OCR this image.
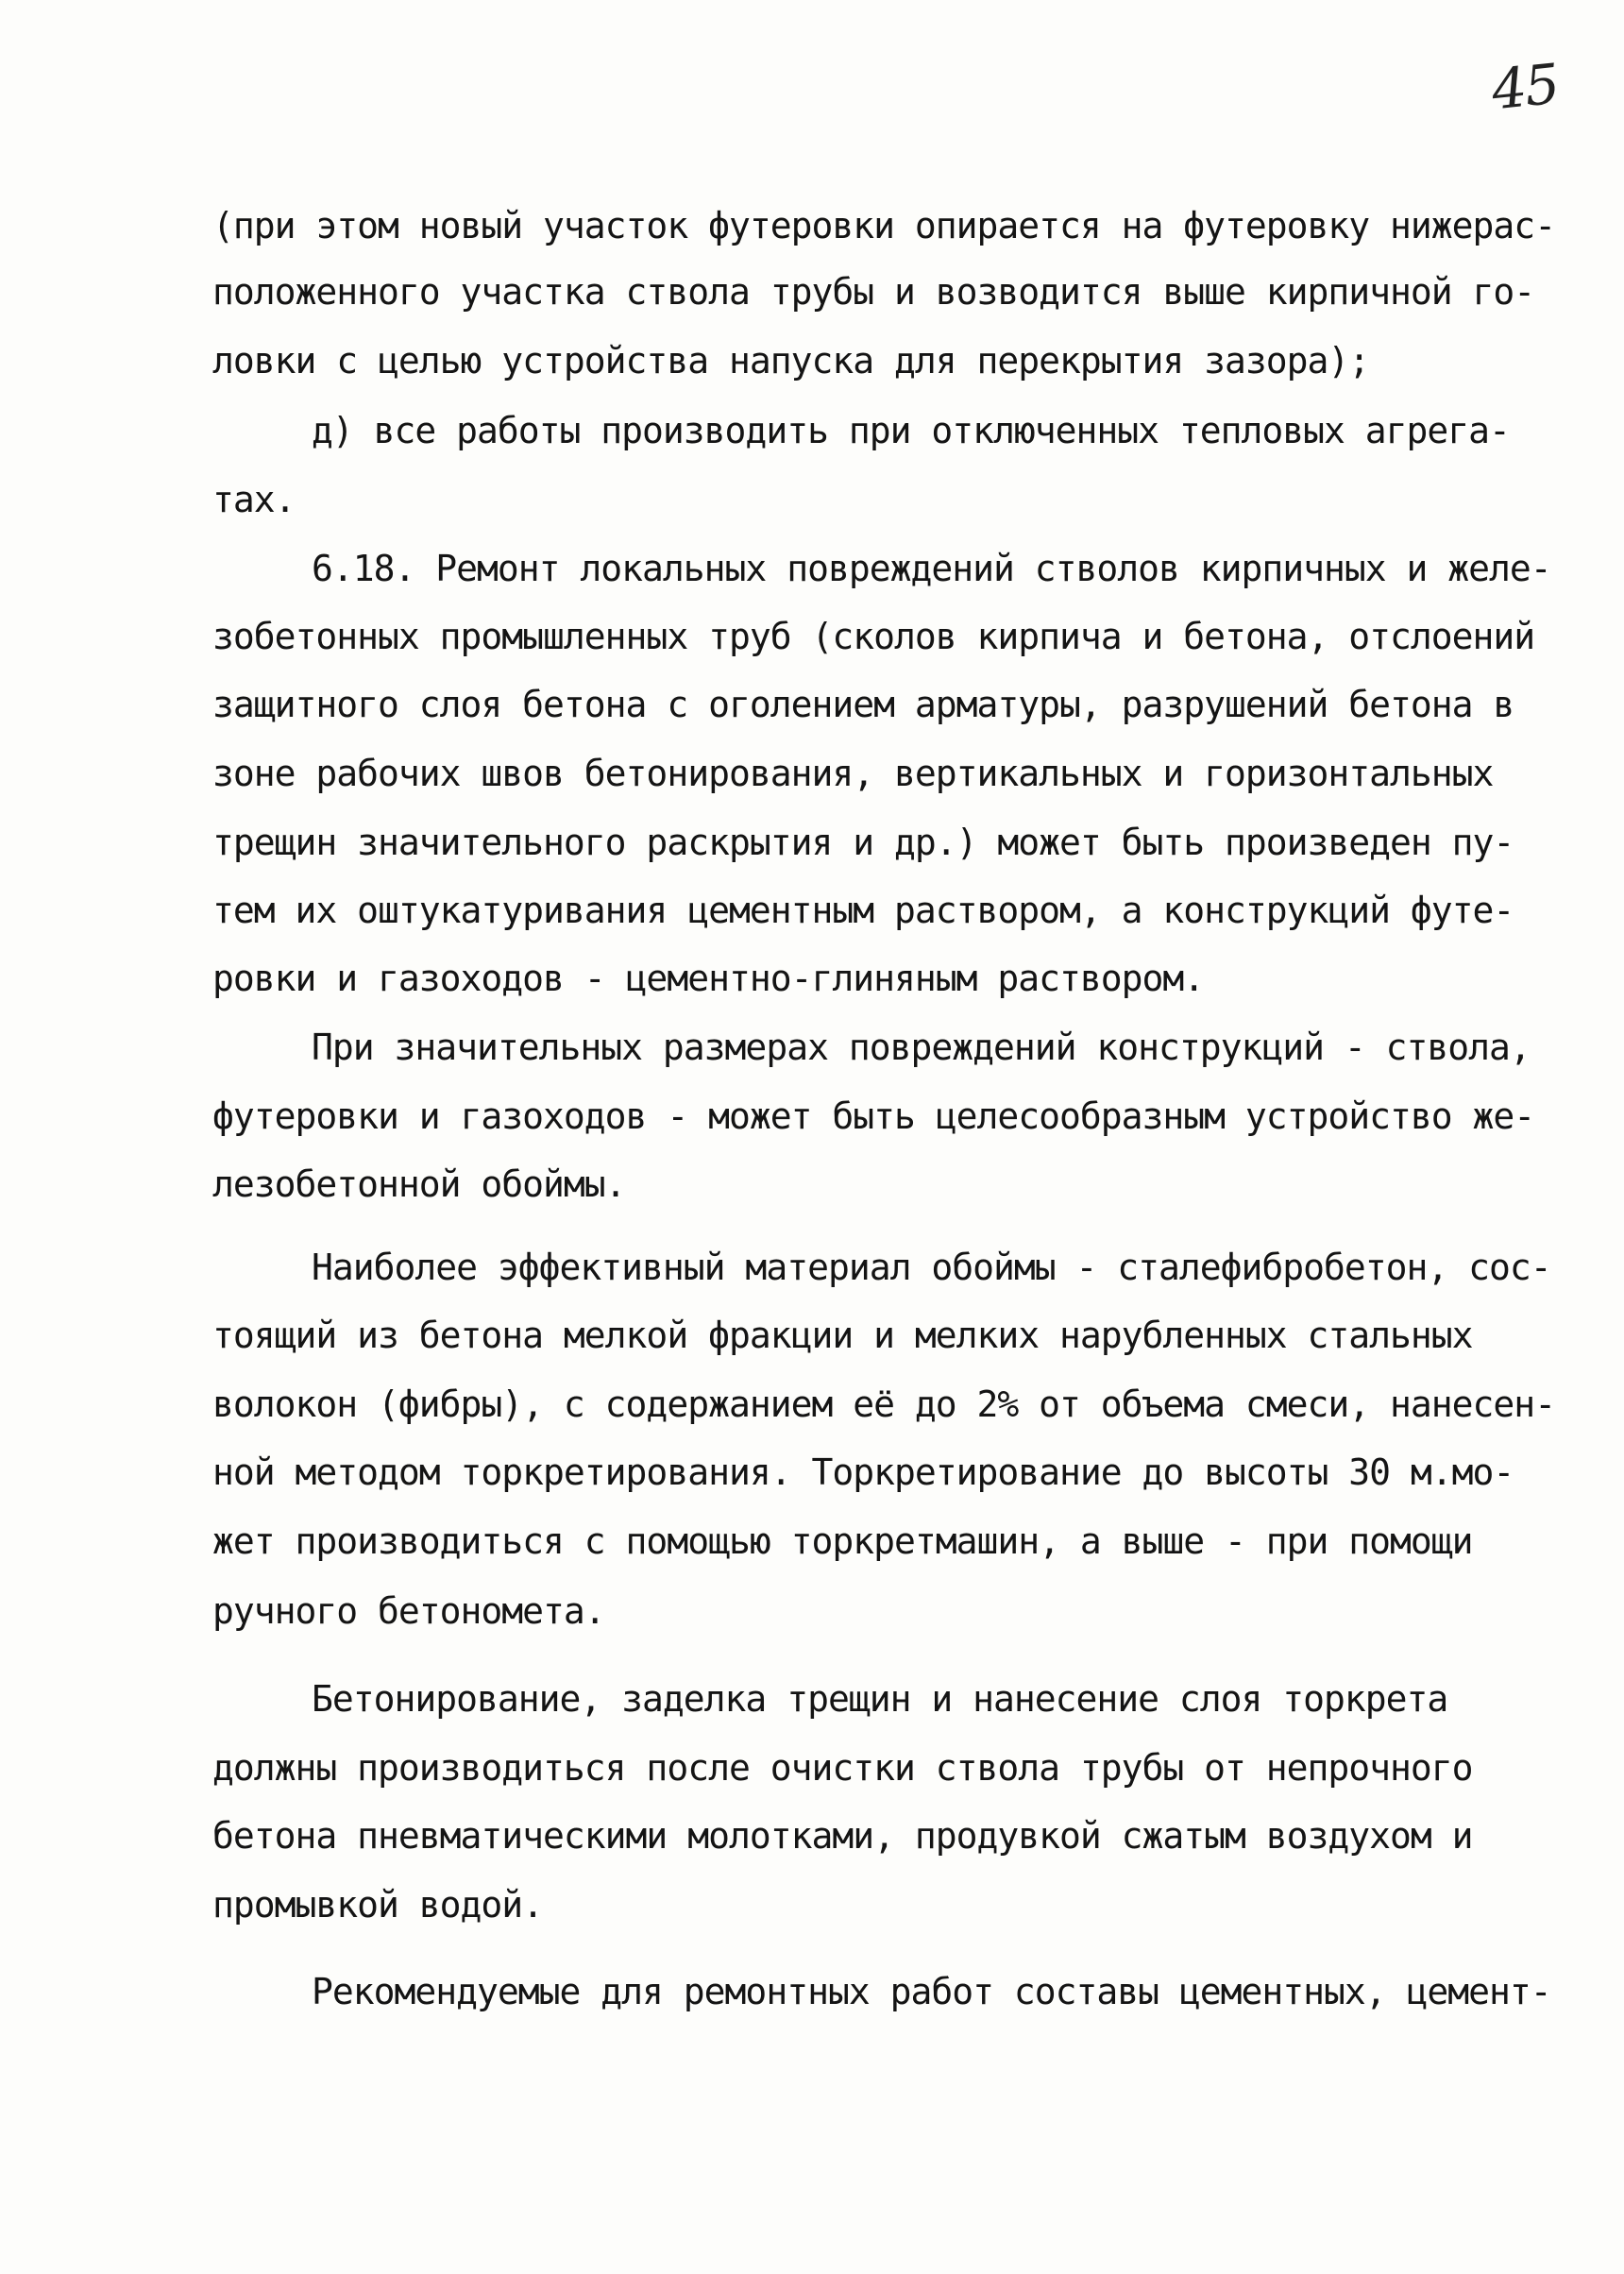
45
(при этом новый участок футеровки опирается на футеровку нижерас-
положенного участка ствола трубы и возводится выше кирпичной го-
ловки с целью устройства напуска для перекрытия зазора);
д) все работы производить при отключенных тепловых агрега-
тах.
6.18. Ремонт локальных повреждений стволов кирпичных и желе-
зобетонных промышленных труб (сколов кирпича и бетона, отслоений
защитного слоя бетона с оголением арматуры, разрушений бетона в
зоне рабочих швов бетонирования, вертикальных и горизонтальных
трещин значительного раскрытия и др.) может быть произведен пу-
тем их оштукатуривания цементным раствором, а конструкций футе-
ровки и газоходов - цементно-глиняным раствором.
При значительных размерах повреждений конструкций - ствола,
футеровки и газоходов - может быть целесообразным устройство же-
лезобетонной обоймы.
Наиболее эффективный материал обоймы - сталефибробетон, сос-
тоящий из бетона мелкой фракции и мелких нарубленных стальных
волокон (фибры), с содержанием её до 2% от объема смеси, нанесен-
ной методом торкретирования. Торкретирование до высоты 30 м.мо-
жет производиться с помощью торкретмашин, а выше - при помощи
ручного бетонометa.
Бетонирование, заделка трещин и нанесение слоя торкрета
должны производиться после очистки ствола трубы от непрочного
бетона пневматическими молотками, продувкой сжатым воздухом и
промывкой водой.
Рекомендуемые для ремонтных работ составы цементных, цемент-
